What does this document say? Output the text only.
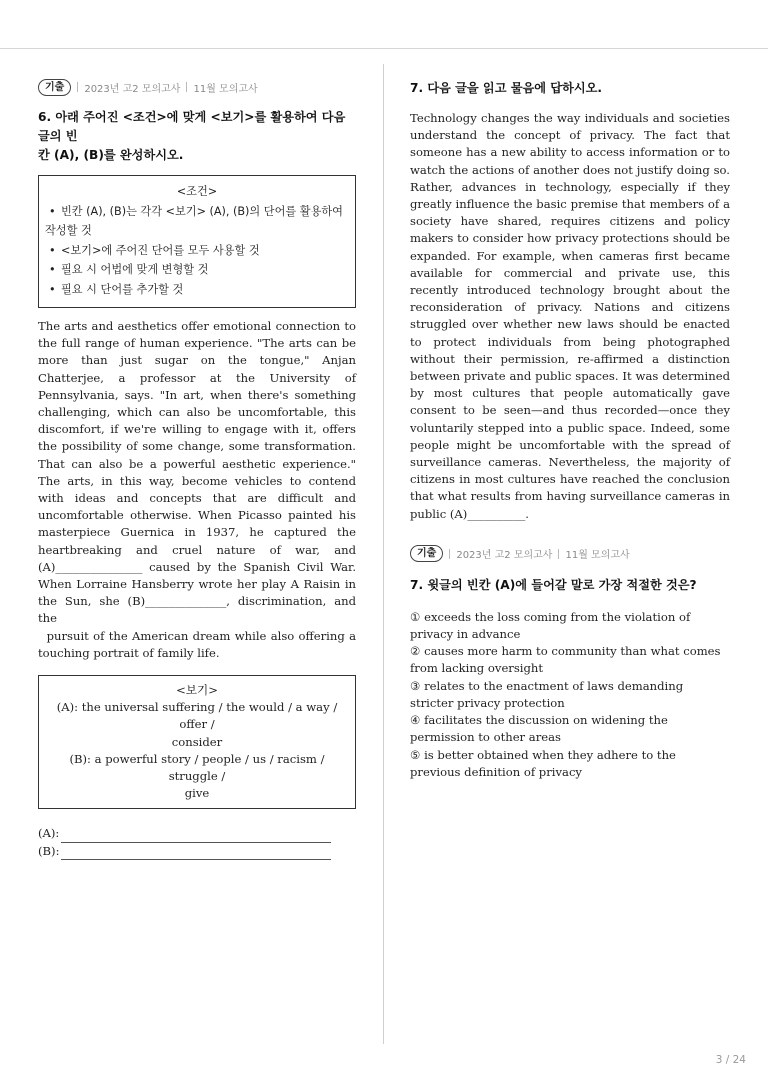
기출	2023년 고2 모의고사 11월 모의고사

6. 아래 주어진 <조건>에 맞게 <보기>를 활용하여 다음 글의 빈

칸 (A), (B)를 완성하시오.

<조건>
• 빈칸 (A), (B)는 각각 <보기> (A), (B)의 단어를 활용하여
작성할 것
• <보기>에 주어진 단어를 모두 사용할 것
• 필요 시 어법에 맞게 변형할 것
• 필요 시 단어를 추가할 것

The arts and aesthetics offer emotional connection to the full range of human experience. "The arts can be more than just sugar on the tongue," Anjan Chatterjee, a professor at the University of Pennsylvania, says. "In art, when there's something challenging, which can also be uncomfortable, this discomfort, if we're willing to engage with it, offers the possibility of some change, some transformation. That can also be a powerful aesthetic experience." The arts, in this way, become vehicles to contend with ideas and concepts that are difficult and uncomfortable otherwise. When Picasso painted his masterpiece Guernica in 1937, he captured the heartbreaking and cruel nature of war, and (A)_______________ caused by the Spanish Civil War. When Lorraine Hansberry wrote her play A Raisin in the Sun, she (B)______________, discrimination, and the

pursuit of the American dream while also offering a touching portrait of family life.

<보기>
(A): the universal suffering / the would / a way / offer /
consider
(B): a powerful story / people / us / racism / struggle /
give
(A):
(B):

7. 다음 글을 읽고 물음에 답하시오.

Technology changes the way individuals and societies understand the concept of privacy. The fact that someone has a new ability to access information or to watch the actions of another does not justify doing so. Rather, advances in technology, especially if they greatly influence the basic premise that members of a society have shared, requires citizens and policy makers to consider how privacy protections should be expanded. For example, when cameras first became available for commercial and private use, this recently introduced technology brought about the reconsideration of privacy. Nations and citizens struggled over whether new laws should be enacted to protect individuals from being photographed without their permission, re-affirmed a distinction between private and public spaces. It was determined by most cultures that people automatically gave consent to be seen—and thus recorded—once they voluntarily stepped into a public space. Indeed, some people might be uncomfortable with the spread of surveillance cameras. Nevertheless, the majority of citizens in most cultures have reached the conclusion that what results from having surveillance cameras in public (A)__________.

기출	2023년 고2 모의고사 11월 모의고사

7. 윗글의 빈칸 (A)에 들어갈 말로 가장 적절한 것은?

① exceeds the loss coming from the violation of privacy in advance

② causes more harm to community than what comes from lacking oversight

③ relates to the enactment of laws demanding stricter privacy protection

④ facilitates the discussion on widening the permission to other areas

⑤ is better obtained when they adhere to the previous definition of privacy

3 / 24
